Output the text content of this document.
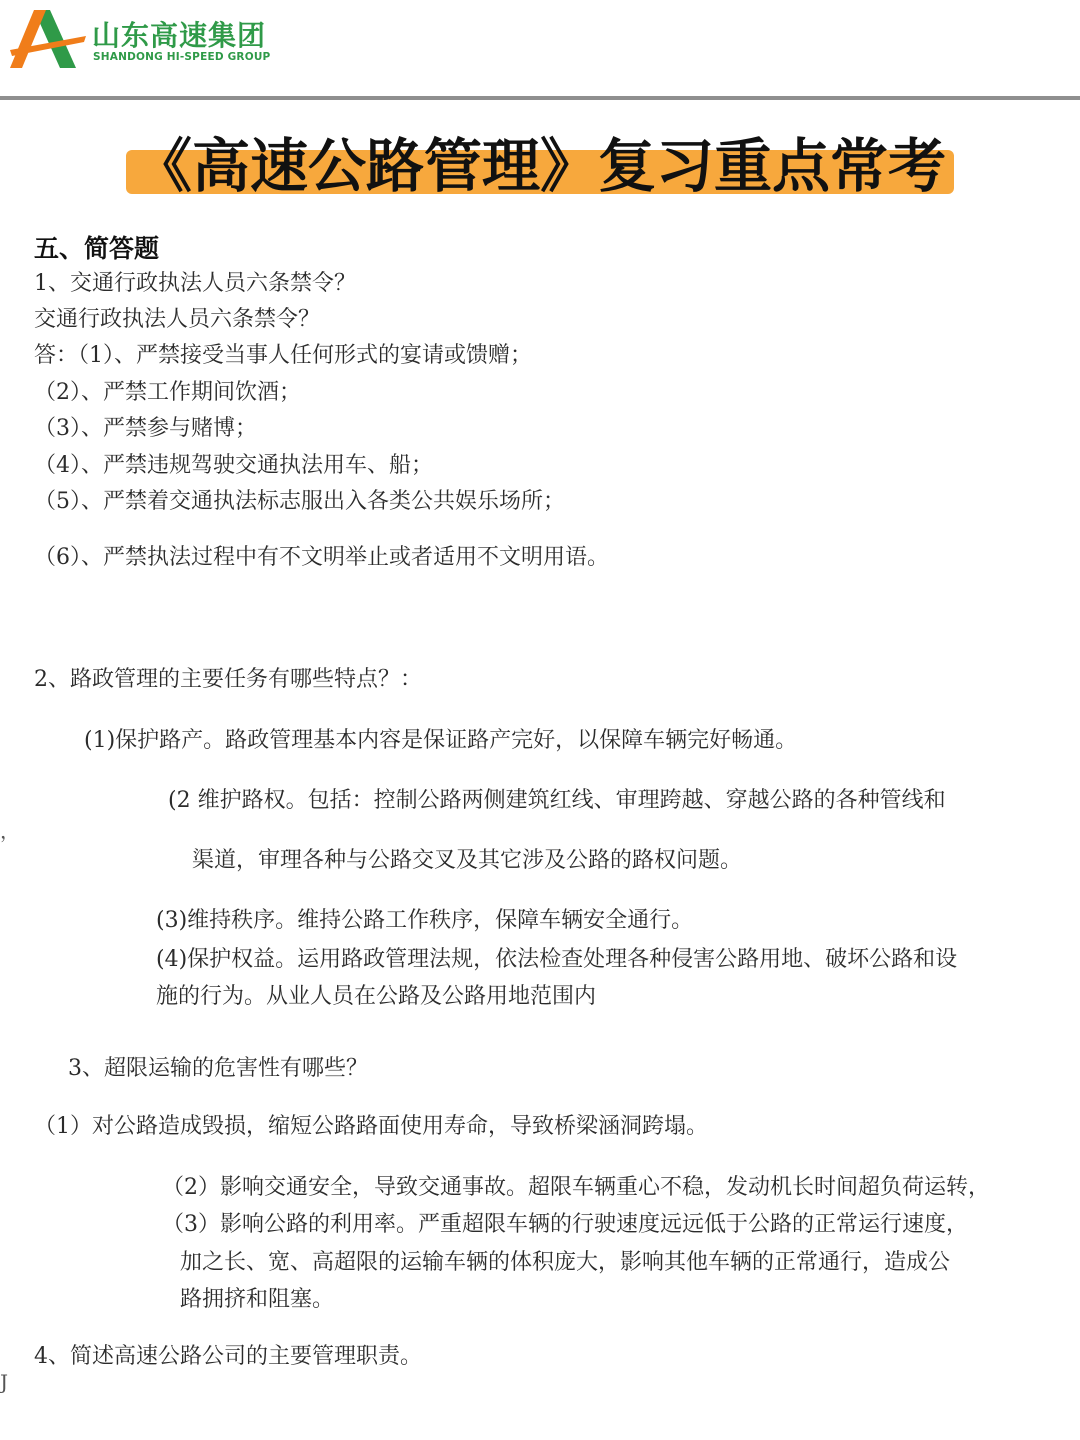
山东高速集团
SHANDONG HI-SPEED GROUP
《高速公路管理》复习重点常考
五、简答题
1、交通行政执法人员六条禁令？
交通行政执法人员六条禁令？
答：（1）、严禁接受当事人任何形式的宴请或馈赠；
（2）、严禁工作期间饮酒；
（3）、严禁参与赌博；
（4）、严禁违规驾驶交通执法用车、船；
（5）、严禁着交通执法标志服出入各类公共娱乐场所；
（6）、严禁执法过程中有不文明举止或者适用不文明用语。
2、路政管理的主要任务有哪些特点？：
(1)保护路产。路政管理基本内容是保证路产完好，以保障车辆完好畅通。
(2 维护路权。包括：控制公路两侧建筑红线、审理跨越、穿越公路的各种管线和
渠道，审理各种与公路交叉及其它涉及公路的路权问题。
(3)维持秩序。维持公路工作秩序，保障车辆安全通行。
(4)保护权益。运用路政管理法规，依法检查处理各种侵害公路用地、破坏公路和设
施的行为。从业人员在公路及公路用地范围内
3、超限运输的危害性有哪些？
（1）对公路造成毁损，缩短公路路面使用寿命，导致桥梁涵洞跨塌。
（2）影响交通安全，导致交通事故。超限车辆重心不稳，发动机长时间超负荷运转，
（3）影响公路的利用率。严重超限车辆的行驶速度远远低于公路的正常运行速度，
加之长、宽、高超限的运输车辆的体积庞大，影响其他车辆的正常通行，造成公
路拥挤和阻塞。
4、简述高速公路公司的主要管理职责。
，
J
